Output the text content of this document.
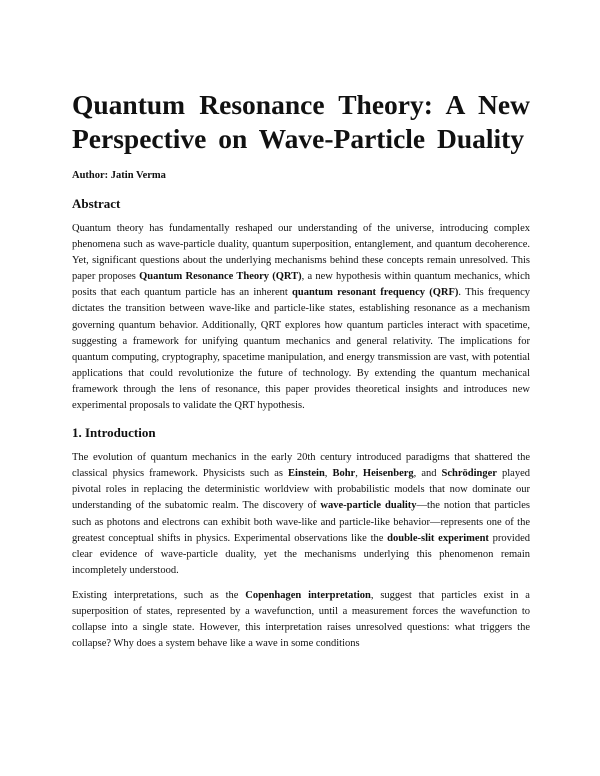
Quantum Resonance Theory: A New Perspective on Wave-Particle Duality
Author: Jatin Verma
Abstract

Quantum theory has fundamentally reshaped our understanding of the universe, introducing complex phenomena such as wave-particle duality, quantum superposition, entanglement, and quantum decoherence. Yet, significant questions about the underlying mechanisms behind these concepts remain unresolved. This paper proposes Quantum Resonance Theory (QRT), a new hypothesis within quantum mechanics, which posits that each quantum particle has an inherent quantum resonant frequency (QRF). This frequency dictates the transition between wave-like and particle-like states, establishing resonance as a mechanism governing quantum behavior. Additionally, QRT explores how quantum particles interact with spacetime, suggesting a framework for unifying quantum mechanics and general relativity. The implications for quantum computing, cryptography, spacetime manipulation, and energy transmission are vast, with potential applications that could revolutionize the future of technology. By extending the quantum mechanical framework through the lens of resonance, this paper provides theoretical insights and introduces new experimental proposals to validate the QRT hypothesis.

1. Introduction

The evolution of quantum mechanics in the early 20th century introduced paradigms that shattered the classical physics framework. Physicists such as Einstein, Bohr, Heisenberg, and Schrödinger played pivotal roles in replacing the deterministic worldview with probabilistic models that now dominate our understanding of the subatomic realm. The discovery of wave-particle duality—the notion that particles such as photons and electrons can exhibit both wave-like and particle-like behavior—represents one of the greatest conceptual shifts in physics. Experimental observations like the double-slit experiment provided clear evidence of wave-particle duality, yet the mechanisms underlying this phenomenon remain incompletely understood.

Existing interpretations, such as the Copenhagen interpretation, suggest that particles exist in a superposition of states, represented by a wavefunction, until a measurement forces the wavefunction to collapse into a single state. However, this interpretation raises unresolved questions: what triggers the collapse? Why does a system behave like a wave in some conditions
